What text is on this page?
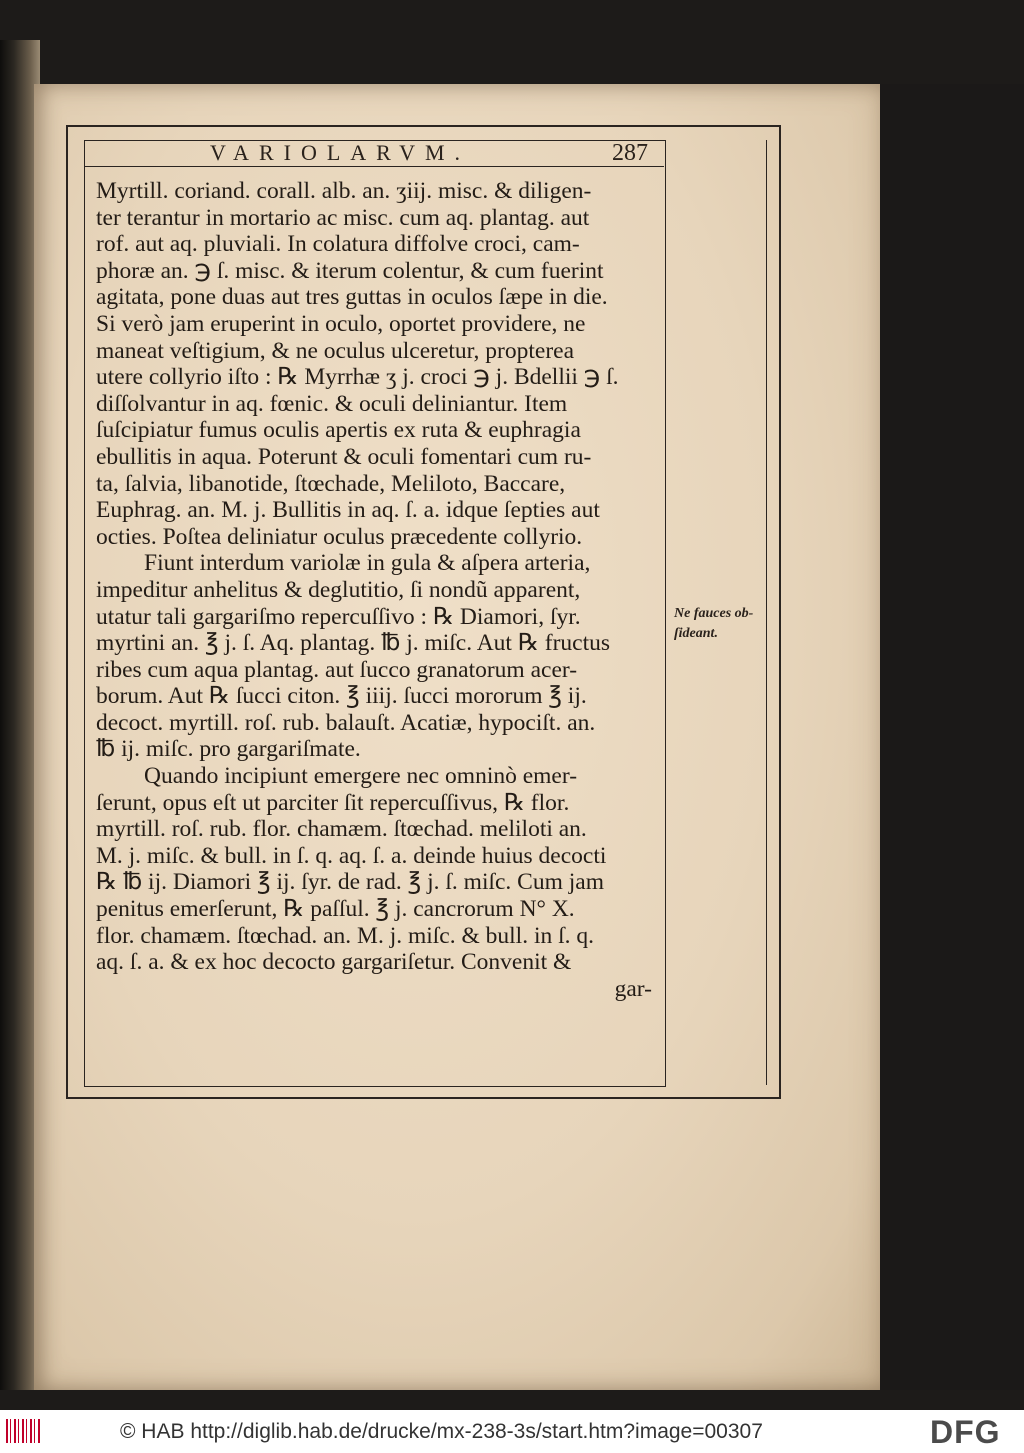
VARIOLARVM.	287
Myrtill. coriand. corall. alb. an. ʒiij. misc. & diligen-
ter terantur in mortario ac misc. cum aq. plantag. aut
rof. aut aq. pluviali. In colatura diffolve croci, cam-
phoræ an. ℈ ſ. misc. & iterum colentur, & cum fuerint
agitata, pone duas aut tres guttas in oculos ſæpe in die.
Si verò jam eruperint in oculo, oportet providere, ne
maneat veſtigium, & ne oculus ulceretur, propterea
utere collyrio iſto : ℞ Myrrhæ ʒ j. croci ℈ j. Bdellii ℈ ſ.
diſſolvantur in aq. fœnic. & oculi deliniantur. Item
ſuſcipiatur fumus oculis apertis ex ruta & euphragia
ebullitis in aqua. Poterunt & oculi fomentari cum ru-
ta, ſalvia, libanotide, ſtœchade, Meliloto, Baccare,
Euphrag. an. M. j. Bullitis in aq. ſ. a. idque ſepties aut
octies. Poſtea deliniatur oculus præcedente collyrio.
Fiunt interdum variolæ in gula & aſpera arteria,
impeditur anhelitus & deglutitio, ſi nondũ apparent,
utatur tali gargariſmo repercuſſivo : ℞ Diamori, ſyr.
myrtini an. ℥ j. ſ. Aq. plantag. ℔ j. miſc. Aut ℞ fructus
ribes cum aqua plantag. aut ſucco granatorum acer-
borum. Aut ℞ ſucci citon. ℥ iiij. ſucci mororum ℥ ij.
decoct. myrtill. roſ. rub. balauſt. Acatiæ, hypociſt. an.
℔ ij. miſc. pro gargariſmate.
Quando incipiunt emergere nec omninò emer-
ſerunt, opus eſt ut parciter ſit repercuſſivus, ℞ flor.
myrtill. roſ. rub. flor. chamæm. ſtœchad. meliloti an.
M. j. miſc. & bull. in ſ. q. aq. ſ. a. deinde huius decocti
℞ ℔ ij. Diamori ℥ ij. ſyr. de rad. ℥ j. ſ. miſc. Cum jam
penitus emerſerunt, ℞ paſſul. ℥ j. cancrorum N° X.
flor. chamæm. ſtœchad. an. M. j. miſc. & bull. in ſ. q.
aq. ſ. a. & ex hoc decocto gargariſetur. Convenit &
gar-
Ne fauces ob-ſideant.
© HAB http://diglib.hab.de/drucke/mx-238-3s/start.htm?image=00307	DFG
